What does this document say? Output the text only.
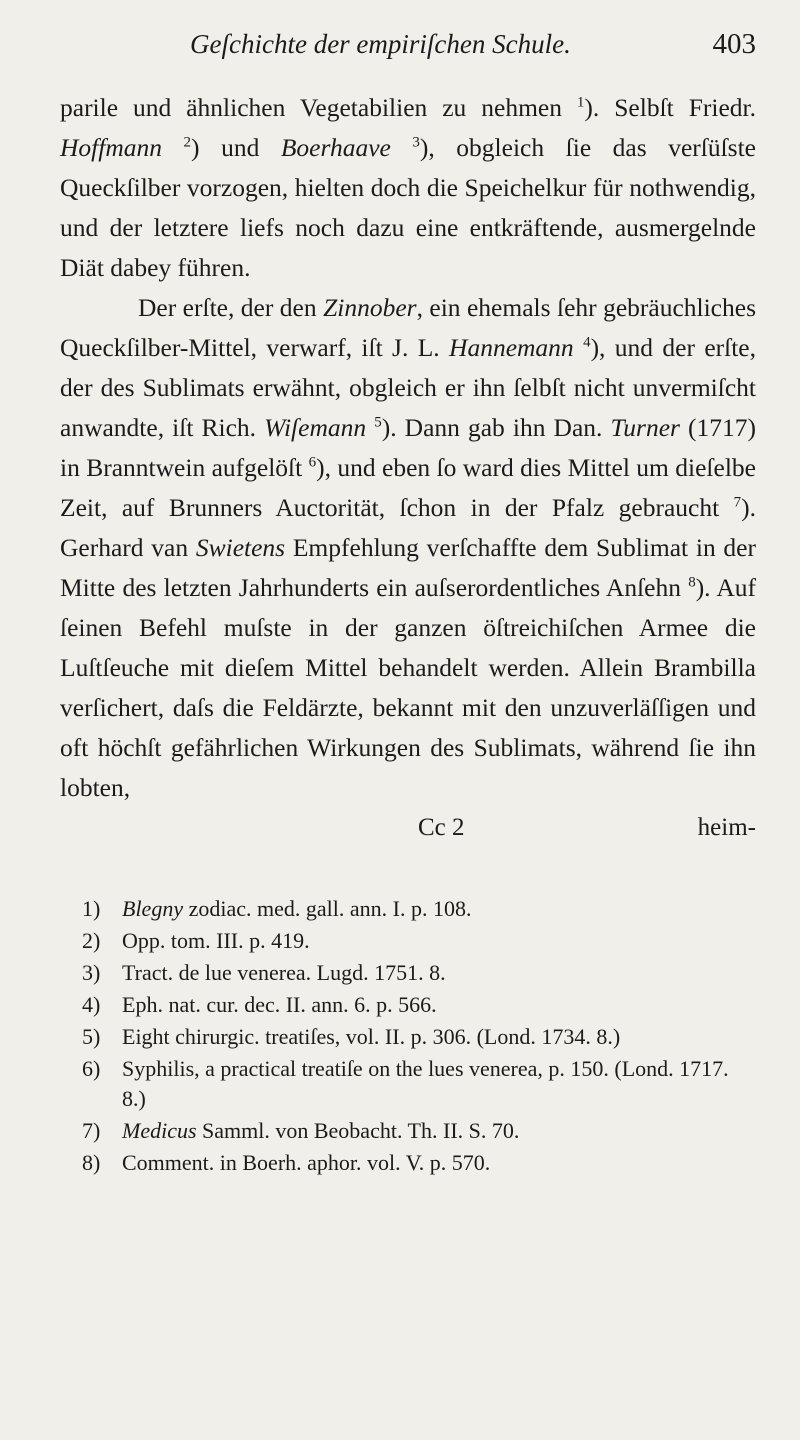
Geſchichte der empiriſchen Schule.	403

parile und ähnlichen Vegetabilien zu nehmen $^1$). Selbſt Friedr. Hoffmann $^2$) und Boerhaave $^3$), obgleich ſie das verſüſste Queckſilber vorzogen, hielten doch die Speichelkur für nothwendig, und der letztere liefs noch dazu eine entkräftende, ausmergelnde Diät dabey führen.

Der erſte, der den Zinnober, ein ehemals ſehr gebräuchliches Queckſilber-Mittel, verwarf, iſt J. L. Hannemann $^4$), und der erſte, der des Sublimats erwähnt, obgleich er ihn ſelbſt nicht unvermiſcht anwandte, iſt Rich. Wiſemann $^5$). Dann gab ihn Dan. Turner (1717) in Branntwein aufgelöſt $^6$), und eben ſo ward dies Mittel um dieſelbe Zeit, auf Brunners Auctorität, ſchon in der Pfalz gebraucht $^7$). Gerhard van Swietens Empfehlung verſchaffte dem Sublimat in der Mitte des letzten Jahrhunderts ein auſserordentliches Anſehn $^8$). Auf ſeinen Befehl muſste in der ganzen öſtreichiſchen Armee die Luſtſeuche mit dieſem Mittel behandelt werden. Allein Brambilla verſichert, daſs die Feldärzte, bekannt mit den unzuverläſſigen und oft höchſt gefährlichen Wirkungen des Sublimats, während ſie ihn lobten,

Cc 2	heim-
1) Blegny zodiac. med. gall. ann. I. p. 108.
2) Opp. tom. III. p. 419.
3) Tract. de lue venerea. Lugd. 1751. 8.
4) Eph. nat. cur. dec. II. ann. 6. p. 566.
5) Eight chirurgic. treatiſes, vol. II. p. 306. (Lond. 1734. 8.)
6) Syphilis, a practical treatiſe on the lues venerea, p. 150. (Lond. 1717. 8.)
7) Medicus Samml. von Beobacht. Th. II. S. 70.
8) Comment. in Boerh. aphor. vol. V. p. 570.
